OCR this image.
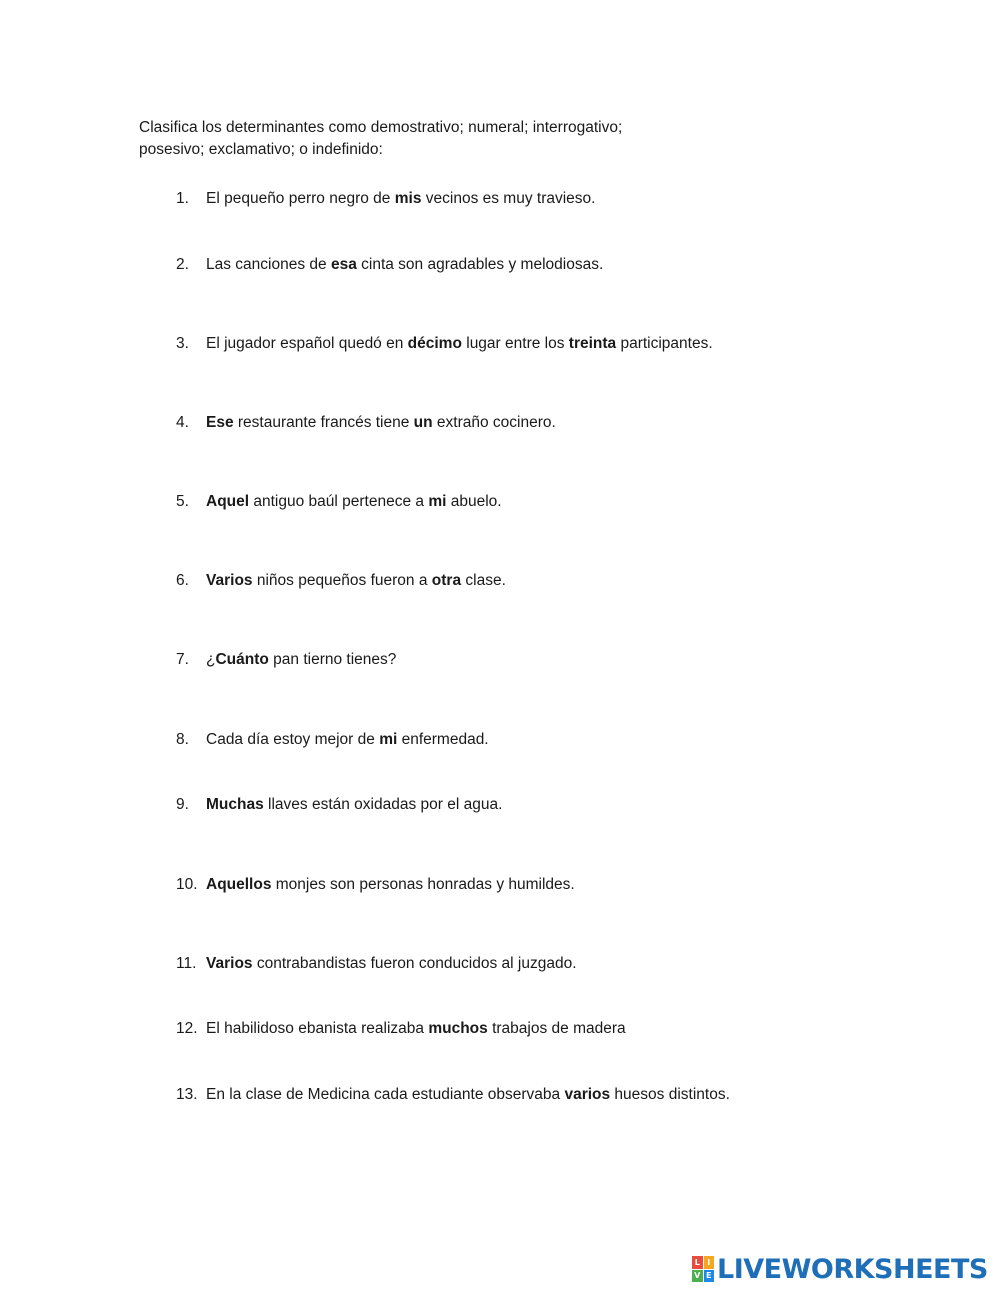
Clasifica los determinantes como demostrativo; numeral; interrogativo;
posesivo; exclamativo; o indefinido:
1.	El pequeño perro negro de mis vecinos es muy travieso.
2.	Las canciones de esa cinta son agradables y melodiosas.
3.	El jugador español quedó en décimo lugar entre los treinta participantes.
4.	Ese restaurante francés tiene un extraño cocinero.
5.	Aquel antiguo baúl pertenece a mi abuelo.
6.	Varios niños pequeños fueron a otra clase.
7.	¿Cuánto pan tierno tienes?
8.	Cada día estoy mejor de mi enfermedad.
9.	Muchas llaves están oxidadas por el agua.
10. Aquellos monjes son personas honradas y humildes.
11. Varios contrabandistas fueron conducidos al juzgado.
12. El habilidoso ebanista realizaba muchos trabajos de madera
13. En la clase de Medicina cada estudiante observaba varios huesos distintos.
L I
V E LIVEWORKSHEETS
